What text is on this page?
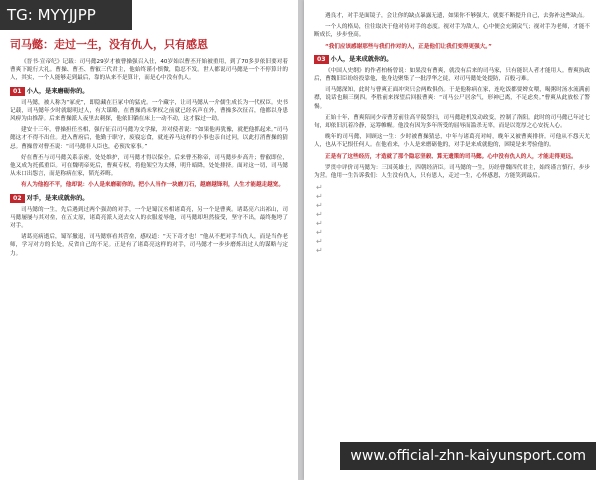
司马懿：走过一生，没有仇人，只有感恩

《晋书·宣帝纪》记载：司马懿29岁才被曹操强召入仕，40岁始以曹丕开始被重用，到了70多岁依旧要对着曹爽下跪行大礼。曹操、曹丕、曹叡三代君主，他始终谨小慎微，隐忍不发。世人都说司马懿是一个不停算计的人，其实，一个人能够走到最后，靠的从来不是算计，而是心中没有仇人。

01 小人，是来磨砺你的。

司马懿，被人称为“冢虎”，即隐藏在巨冢中的猛虎。一个藏字，让司马懿从一介儒生成长为一代权臣。史书记载，司马懿年少时就聪明过人，有大谋略，在曹操尚未掌权之前就已经名声在外，曹操多次征召，他都以身患风痹为由推辞。后来曹操派人夜里去刺探，他依旧躺在床上一动不动，这才躲过一劫。

建安十三年，曹操担任丞相，强行征召司马懿为文学掾，并对使者说：“如果他再犹豫，就把他抓起来。”司马懿这才不得不出仕。进入曹府后，他勤于职守，废寝忘食，就连养马这样的小事也亲自过问，以此打消曹操的猜忌。曹操曾对曹丕说：“司马懿非人臣也，必预汝家事。”

好在曹丕与司马懿关系亲密，处处维护，司马懿才得以保全。后来曹丕称帝，司马懿步步高升；曹叡即位，他又成为托孤重臣。可在魏明帝死后，曹爽专权，将他架空为太傅，明升暗降，处处排挤。面对这一切，司马懿从未口出怨言，而是称病在家，韬光养晦。

有人为他抱不平，他却说：小人是来磨砺你的。把小人当作一块磨刀石，越磨越锋利，人生才能越走越宽。

02 对手，是来成就你的。

司马懿的一生，先后遇到过两个强劲的对手，一个是蜀汉丞相诸葛亮，另一个是曹爽。诸葛亮六出祁山，司马懿屡屡与其对垒，在五丈原，诸葛亮派人送去女人的衣服羞辱他，司马懿却坦然接受，坚守不出，最终拖垮了对手。

诸葛亮病逝后，蜀军撤退，司马懿察看其营垒，感叹道：“天下奇才也！”他从不把对手当仇人，而是当作老师，学习对方的长处，反省自己的不足。正是有了诸葛亮这样的对手，司马懿才一步步磨炼出过人的谋略与定力。

遇良才，对手是面镜子，会让你的缺点暴露无遗，如果你不够强大，就要不断提升自己，去弥补这些缺点。

一个人的格局，往往取决于他对待对手的态度。视对手为敌人，心中便会充满戾气；视对手为老师，才能不断成长，步步登高。

“我们应该感谢那些与我们作对的人，正是他们让我们变得更强大。”

03 小人，是来成就你的。

《中国人史纲》的作者柏杨曾说：如果没有曹爽，就没有后来的司马家，只有能识人者才能用人。曹爽执政后，曹魏旧臣纷纷投靠他，他身边聚集了一批浮华之徒，对司马懿处处提防，百般刁难。

司马懿深知，此时与曹爽正面冲突只会两败俱伤。于是他称病在家，连吃饭都要婢女喂，喝粥时汤水流满前襟，说话也颠三倒四。李胜前来探望后回报曹爽：“司马公尸居余气，形神已离，不足虑矣。”曹爽从此放松了警惕。

正始十年，曹爽陪同少帝曹芳前往高平陵祭扫，司马懿趁机发动政变，控制了洛阳。此时的司马懿已年过七旬，却依旧沉着冷静，运筹帷幄。他没有因为多年所受的屈辱而滥杀无辜，而是以宽厚之心安抚人心。

晚年的司马懿，回顾这一生：少时被曹操猜忌，中年与诸葛亮对峙，晚年又被曹爽排挤。可他从不怨天尤人，也从不记恨任何人。在他看来，小人是来磨砺他的，对手是来成就他的，困境是来考验他的。

正是有了这些经历，才造就了那个隐忍坚毅、算无遗策的司马懿。心中没有仇人的人，才能走得更远。

罗贯中评价司马懿为：三国英雄士，四朝经济臣。司马懿的一生，历经曹魏四代君主，始终谨言慎行，步步为营。他用一生告诉我们：人生没有仇人，只有恩人，走过一生，心怀感恩，方能笑到最后。

↵
↵
↵
↵
↵
↵
↵
↵
TG: MYYJJPP
www.official-zhn-kaiyunsport.com
